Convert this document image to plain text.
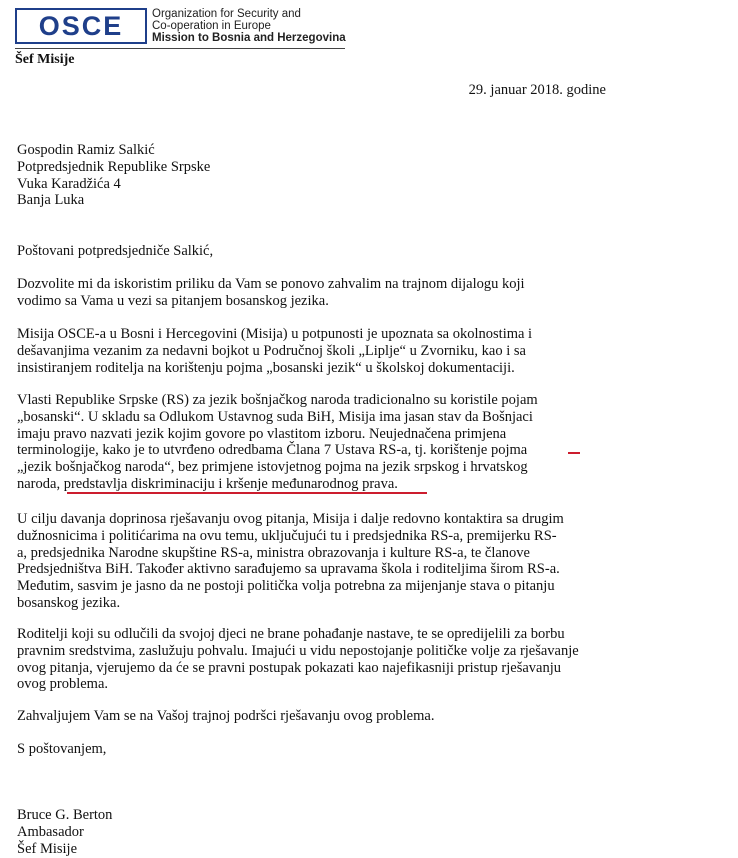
OSCE Organization for Security and
Co-operation in Europe
Mission to Bosnia and Herzegovina
Šef Misije
29. januar 2018. godine
Gospodin Ramiz Salkić
Potpredsjednik Republike Srpske
Vuka Karadžića 4
Banja Luka
Poštovani potpredsjedniče Salkić,
Dozvolite mi da iskoristim priliku da Vam se ponovo zahvalim na trajnom dijalogu koji
vodimo sa Vama u vezi sa pitanjem bosanskog jezika.
Misija OSCE-a u Bosni i Hercegovini (Misija) u potpunosti je upoznata sa okolnostima i
dešavanjima vezanim za nedavni bojkot u Područnoj školi „Liplje“ u Zvorniku, kao i sa
insistiranjem roditelja na korištenju pojma „bosanski jezik“ u školskoj dokumentaciji.
Vlasti Republike Srpske (RS) za jezik bošnjačkog naroda tradicionalno su koristile pojam
„bosanski“. U skladu sa Odlukom Ustavnog suda BiH, Misija ima jasan stav da Bošnjaci
imaju pravo nazvati jezik kojim govore po vlastitom izboru. Neujednačena primjena
terminologije, kako je to utvrđeno odredbama Člana 7 Ustava RS-a, tj. korištenje pojma
„jezik bošnjačkog naroda“, bez primjene istovjetnog pojma na jezik srpskog i hrvatskog
naroda, predstavlja diskriminaciju i kršenje međunarodnog prava.
U cilju davanja doprinosa rješavanju ovog pitanja, Misija i dalje redovno kontaktira sa drugim
dužnosnicima i politićarima na ovu temu, uključujući tu i predsjednika RS-a, premijerku RS-
a, predsjednika Narodne skupštine RS-a, ministra obrazovanja i kulture RS-a, te članove
Predsjedništva BiH. Također aktivno sarađujemo sa upravama škola i roditeljima širom RS-a.
Međutim, sasvim je jasno da ne postoji politička volja potrebna za mijenjanje stava o pitanju
bosanskog jezika.
Roditelji koji su odlučili da svojoj djeci ne brane pohađanje nastave, te se opredijelili za borbu
pravnim sredstvima, zaslužuju pohvalu. Imajući u vidu nepostojanje političke volje za rješavanje
ovog pitanja, vjerujemo da će se pravni postupak pokazati kao najefikasniji pristup rješavanju
ovog problema.
Zahvaljujem Vam se na Vašoj trajnoj podršci rješavanju ovog problema.
S poštovanjem,
Bruce G. Berton
Ambasador
Šef Misije
